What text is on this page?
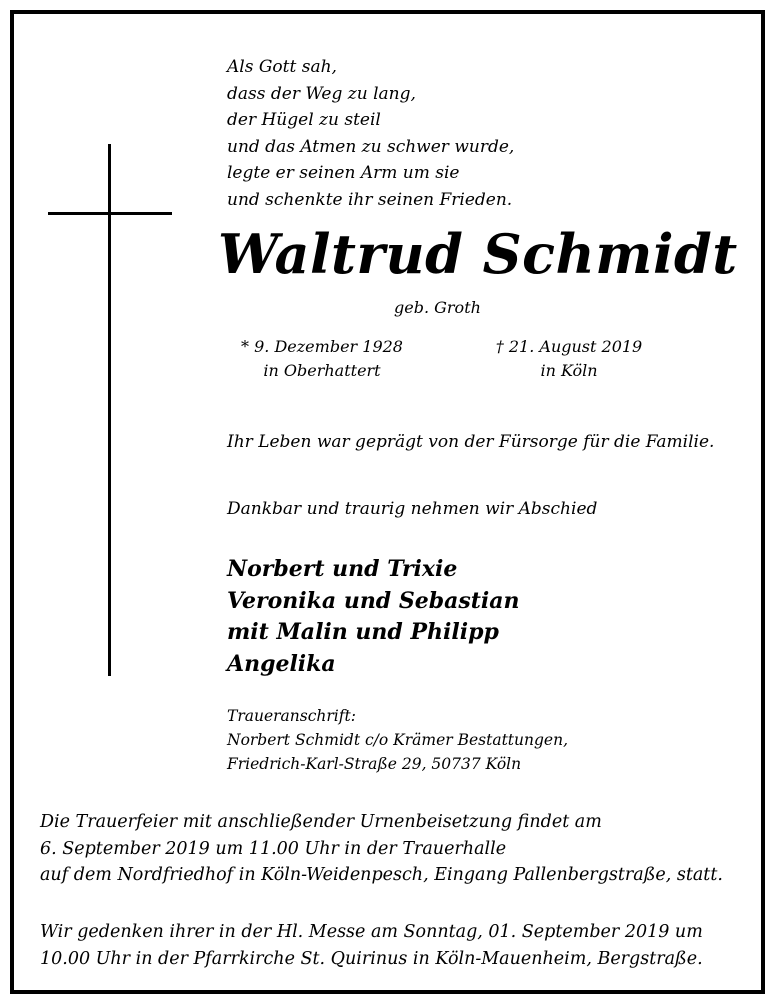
Als Gott sah,
dass der Weg zu lang,
der Hügel zu steil
und das Atmen zu schwer wurde,
legte er seinen Arm um sie
und schenkte ihr seinen Frieden.
Waltrud Schmidt
geb. Groth
* 9. Dezember 1928
in Oberhattert
† 21. August 2019
in Köln
Ihr Leben war geprägt von der Fürsorge für die Familie.
Dankbar und traurig nehmen wir Abschied
Norbert und Trixie
Veronika und Sebastian
mit Malin und Philipp
Angelika
Traueranschrift:
Norbert Schmidt c/o Krämer Bestattungen,
Friedrich-Karl-Straße 29, 50737 Köln
Die Trauerfeier mit anschließender Urnenbeisetzung findet am
6. September 2019 um 11.00 Uhr in der Trauerhalle
auf dem Nordfriedhof in Köln-Weidenpesch, Eingang Pallenbergstraße, statt.
Wir gedenken ihrer in der Hl. Messe am Sonntag, 01. September 2019 um
10.00 Uhr in der Pfarrkirche St. Quirinus in Köln-Mauenheim, Bergstraße.
